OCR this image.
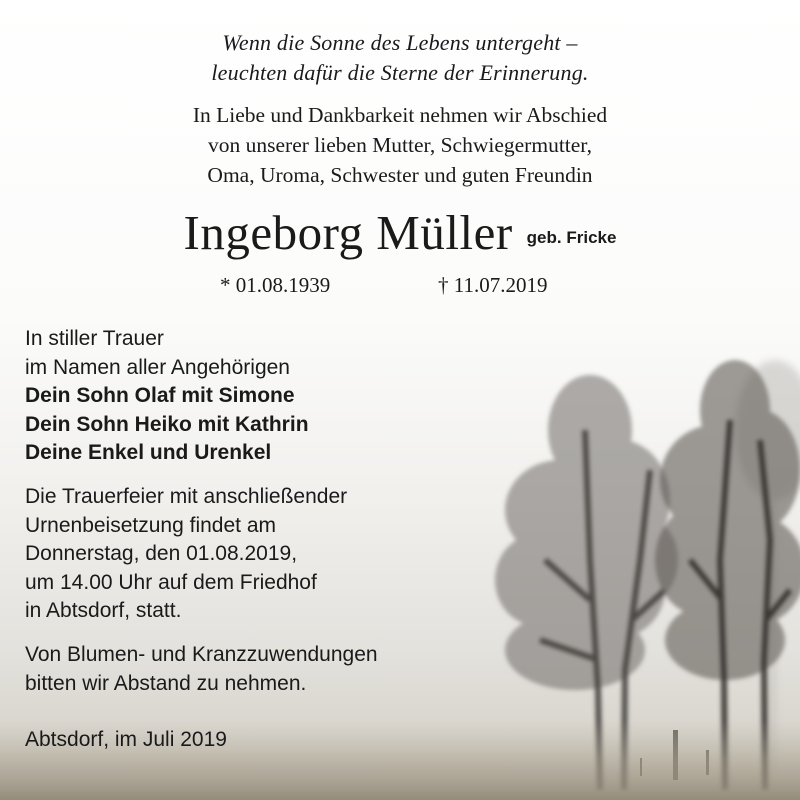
Wenn die Sonne des Lebens untergeht –
leuchten dafür die Sterne der Erinnerung.
In Liebe und Dankbarkeit nehmen wir Abschied
von unserer lieben Mutter, Schwiegermutter,
Oma, Uroma, Schwester und guten Freundin
Ingeborg Müller geb. Fricke
* 01.08.1939	† 11.07.2019
In stiller Trauer
im Namen aller Angehörigen
Dein Sohn Olaf mit Simone
Dein Sohn Heiko mit Kathrin
Deine Enkel und Urenkel
Die Trauerfeier mit anschließender
Urnenbeisetzung findet am
Donnerstag, den 01.08.2019,
um 14.00 Uhr auf dem Friedhof
in Abtsdorf, statt.
Von Blumen- und Kranzzuwendungen
bitten wir Abstand zu nehmen.
Abtsdorf, im Juli 2019
